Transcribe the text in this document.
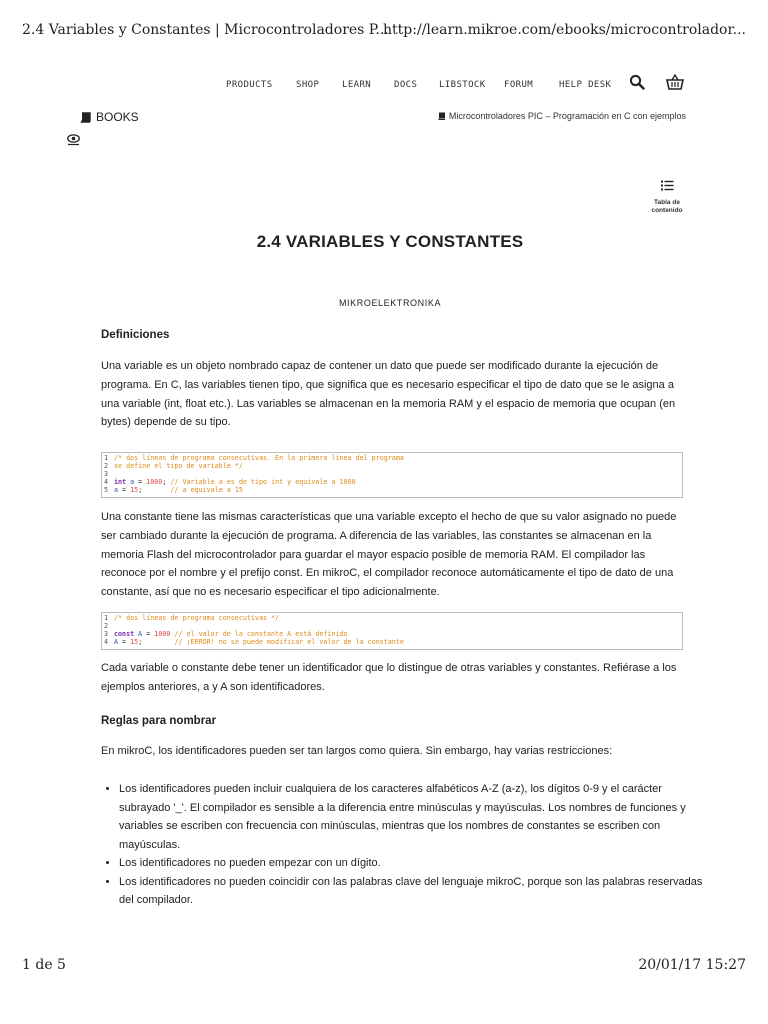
2.4 Variables y Constantes | Microcontroladores P...
http://learn.mikroe.com/ebooks/microcontrolador...
PRODUCTS	SHOP	LEARN	DOCS LIBSTOCK FORUM	HELP DESK
BOOKS	Microcontroladores PIC – Programación en C con ejemplos
Tabla de
contenido
2.4 VARIABLES Y CONSTANTES
MIKROELEKTRONIKA
Definiciones
Una variable es un objeto nombrado capaz de contener un dato que puede ser modificado durante la ejecución de programa. En C, las variables tienen tipo, que significa que es necesario especificar el tipo de dato que se le asigna a una variable (int, float etc.). Las variables se almacenan en la memoria RAM y el espacio de memoria que ocupan (en bytes) depende de su tipo.
1 /* dos líneas de programa consecutivas. En la primera línea del programa
2 se define el tipo de variable */
3
4 int a = 1000; // Variable a es de tipo int y equivale a 1000
5 a = 15;       // a equivale a 15
Una constante tiene las mismas características que una variable excepto el hecho de que su valor asignado no puede ser cambiado durante la ejecución de programa. A diferencia de las variables, las constantes se almacenan en la memoria Flash del microcontrolador para guardar el mayor espacio posible de memoria RAM. El compilador las reconoce por el nombre y el prefijo const. En mikroC, el compilador reconoce automáticamente el tipo de dato de una constante, así que no es necesario especificar el tipo adicionalmente.
1 /* dos líneas de programa consecutivas */
2
3 const A = 1000 // el valor de la constante A está definido
4 A = 15;        // ¡ERROR! no se puede modificar el valor de la constante
Cada variable o constante debe tener un identificador que lo distingue de otras variables y constantes. Refiérase a los ejemplos anteriores, a y A son identificadores.
Reglas para nombrar
En mikroC, los identificadores pueden ser tan largos como quiera. Sin embargo, hay varias restricciones:
• Los identificadores pueden incluir cualquiera de los caracteres alfabéticos A-Z (a-z), los dígitos 0-9 y el carácter subrayado '_'. El compilador es sensible a la diferencia entre minúsculas y mayúsculas. Los nombres de funciones y variables se escriben con frecuencia con minúsculas, mientras que los nombres de constantes se escriben con mayúsculas.
• Los identificadores no pueden empezar con un dígito.
• Los identificadores no pueden coincidir con las palabras clave del lenguaje mikroC, porque son las palabras reservadas del compilador.
1 de 5	20/01/17 15:27
